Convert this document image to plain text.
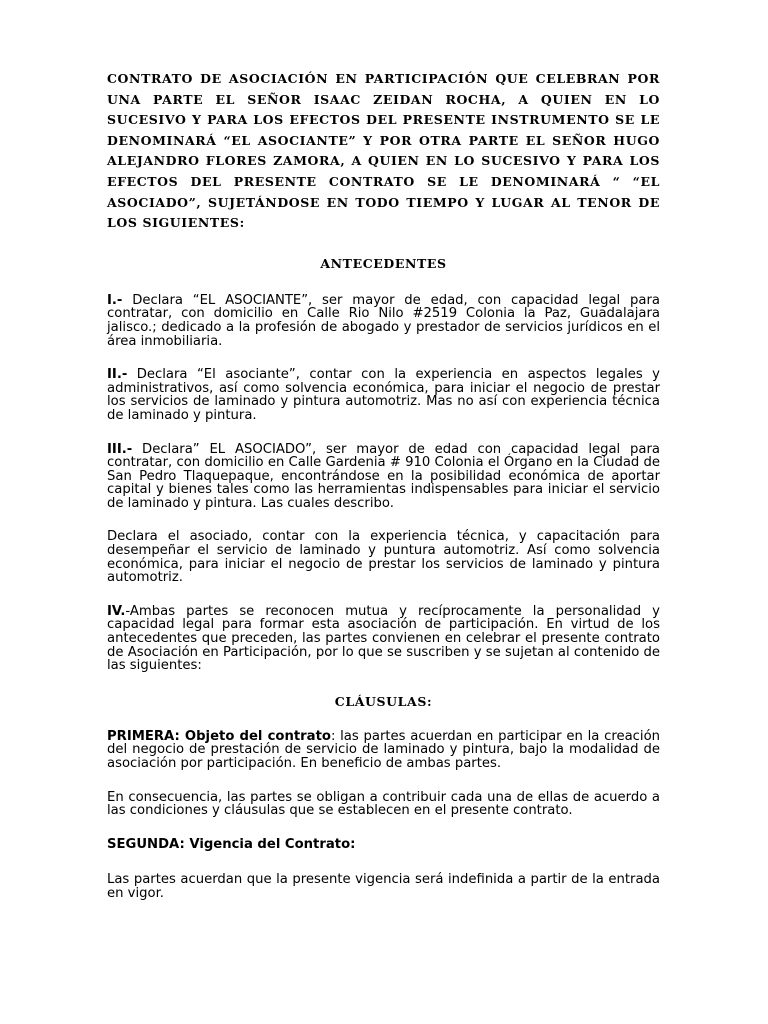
CONTRATO DE ASOCIACIÓN EN PARTICIPACIÓN QUE CELEBRAN POR UNA PARTE EL SEÑOR ISAAC ZEIDAN ROCHA, A QUIEN EN LO SUCESIVO Y PARA LOS EFECTOS DEL PRESENTE INSTRUMENTO SE LE DENOMINARÁ “EL ASOCIANTE” Y POR OTRA PARTE EL SEÑOR HUGO ALEJANDRO FLORES ZAMORA, A QUIEN EN LO SUCESIVO Y PARA LOS EFECTOS DEL PRESENTE CONTRATO SE LE DENOMINARÁ “ “EL ASOCIADO”, SUJETÁNDOSE EN TODO TIEMPO Y LUGAR AL TENOR DE LOS SIGUIENTES:

ANTECEDENTES

I.- Declara “EL ASOCIANTE”, ser mayor de edad, con capacidad legal para contratar, con domicilio en Calle Rio Nilo #2519 Colonia la Paz, Guadalajara jalisco.; dedicado a la profesión de abogado y prestador de servicios jurídicos en el área inmobiliaria.

II.- Declara “El asociante”, contar con la experiencia en aspectos legales y administrativos, así como solvencia económica, para iniciar el negocio de prestar los servicios de laminado y pintura automotriz. Mas no así con experiencia técnica de laminado y pintura.

III.- Declara” EL ASOCIADO”, ser mayor de edad con capacidad legal para contratar, con domicilio en Calle Gardenia # 910 Colonia el Órgano en la Ciudad de San Pedro Tlaquepaque, encontrándose en la posibilidad económica de aportar capital y bienes tales como las herramientas indispensables para iniciar el servicio de laminado y pintura. Las cuales describo.

Declara el asociado, contar con la experiencia técnica, y capacitación para desempeñar el servicio de laminado y puntura automotriz. Así como solvencia económica, para iniciar el negocio de prestar los servicios de laminado y pintura automotriz.

IV.-Ambas partes se reconocen mutua y recíprocamente la personalidad y capacidad legal para formar esta asociación de participación. En virtud de los antecedentes que preceden, las partes convienen en celebrar el presente contrato de Asociación en Participación, por lo que se suscriben y se sujetan al contenido de las siguientes:

CLÁUSULAS:

PRIMERA: Objeto del contrato: las partes acuerdan en participar en la creación del negocio de prestación de servicio de laminado y pintura, bajo la modalidad de asociación por participación. En beneficio de ambas partes.

En consecuencia, las partes se obligan a contribuir cada una de ellas de acuerdo a las condiciones y cláusulas que se establecen en el presente contrato.

SEGUNDA: Vigencia del Contrato:

Las partes acuerdan que la presente vigencia será indefinida a partir de la entrada en vigor.
